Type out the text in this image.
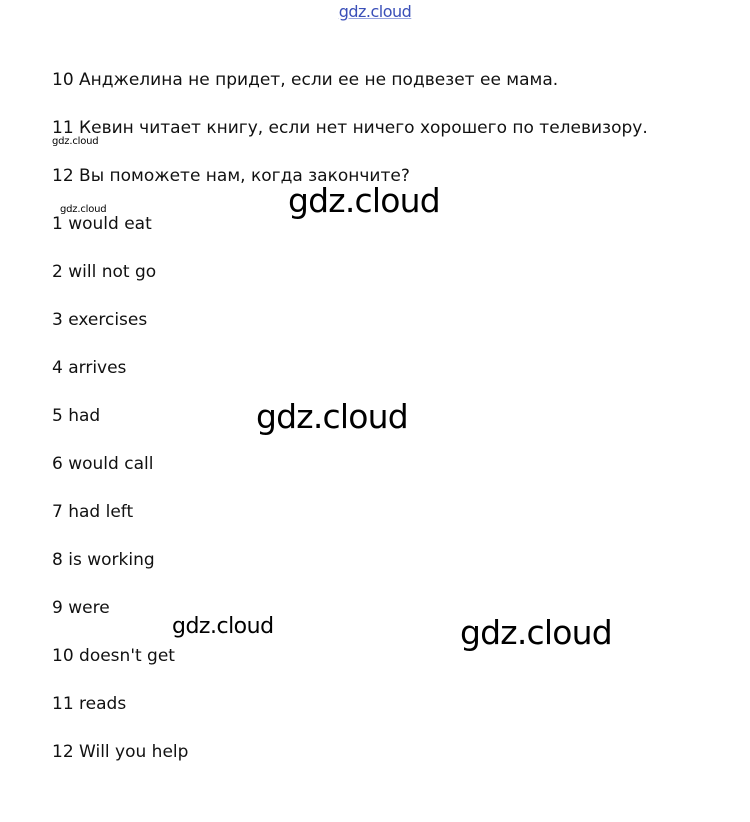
gdz.cloud
10 Анджелина не придет, если ее не подвезет ее мама.
11 Кевин читает книгу, если нет ничего хорошего по телевизору.
12 Вы поможете нам, когда закончите?
1 would eat
2 will not go
3 exercises
4 arrives
5 had
6 would call
7 had left
8 is working
9 were
10 doesn't get
11 reads
12 Will you help
gdz.cloud
gdz.cloud	gdz.cloud
gdz.cloud
gdz.cloud	gdz.cloud
